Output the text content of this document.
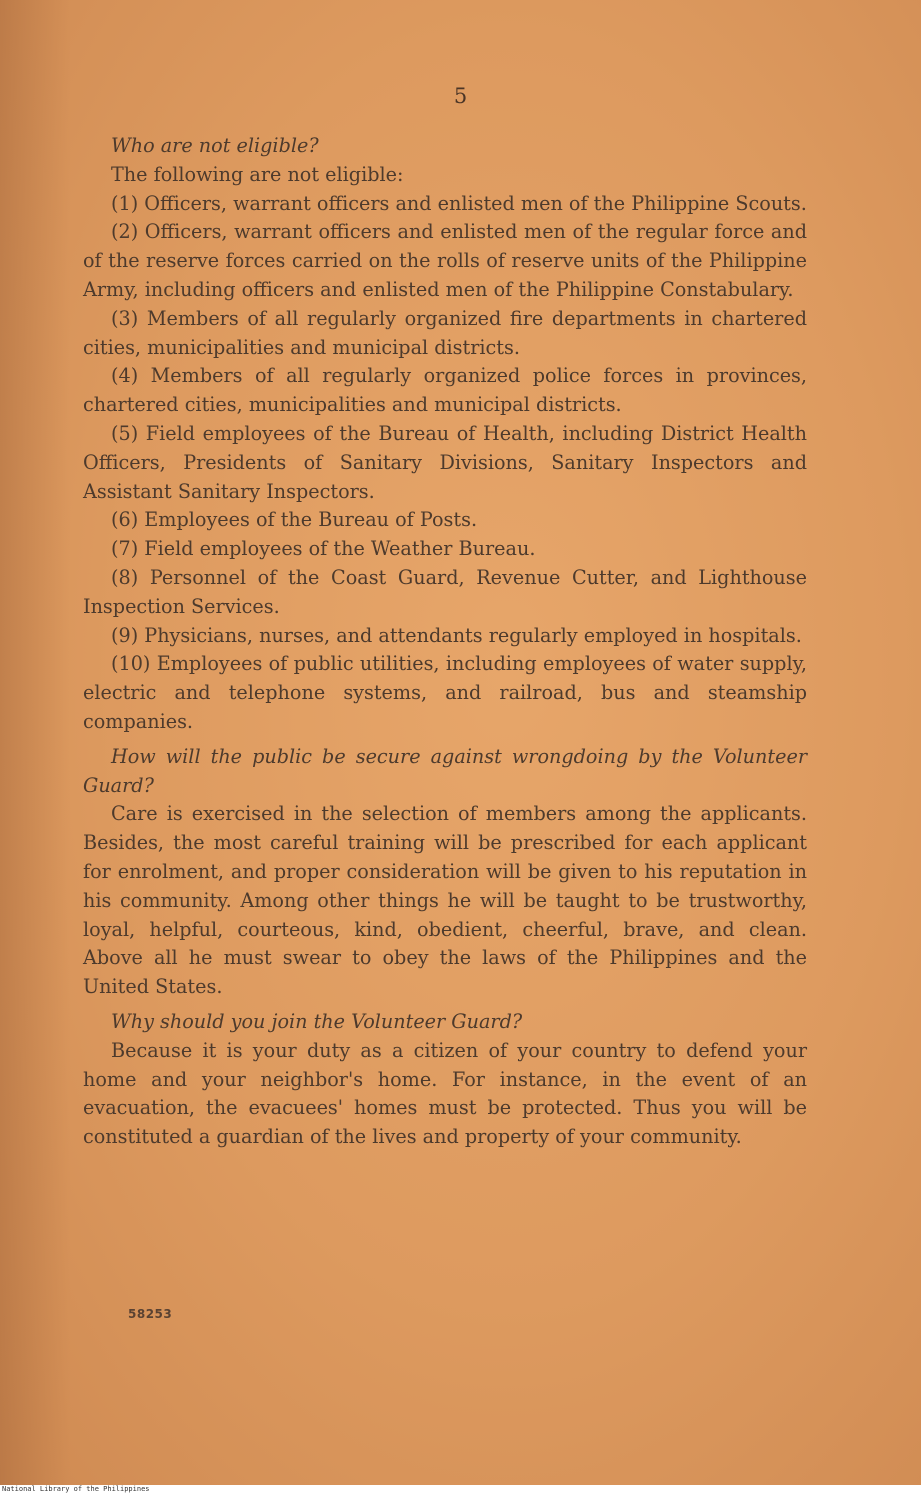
5

Who are not eligible?

The following are not eligible:

(1) Officers, warrant officers and enlisted men of the Philippine Scouts.

(2) Officers, warrant officers and enlisted men of the regular force and of the reserve forces carried on the rolls of reserve units of the Philippine Army, including officers and enlisted men of the Philippine Constabulary.

(3) Members of all regularly organized fire departments in chartered cities, municipalities and municipal districts.

(4) Members of all regularly organized police forces in provinces, chartered cities, municipalities and municipal districts.

(5) Field employees of the Bureau of Health, including District Health Officers, Presidents of Sanitary Divisions, Sanitary Inspectors and Assistant Sanitary Inspectors.

(6) Employees of the Bureau of Posts.

(7) Field employees of the Weather Bureau.

(8) Personnel of the Coast Guard, Revenue Cutter, and Lighthouse Inspection Services.

(9) Physicians, nurses, and attendants regularly employed in hospitals.

(10) Employees of public utilities, including employees of water supply, electric and telephone systems, and railroad, bus and steamship companies.

How will the public be secure against wrongdoing by the Volunteer Guard?

Care is exercised in the selection of members among the applicants. Besides, the most careful training will be prescribed for each applicant for enrolment, and proper consideration will be given to his reputation in his community. Among other things he will be taught to be trustworthy, loyal, helpful, courteous, kind, obedient, cheerful, brave, and clean. Above all he must swear to obey the laws of the Philippines and the United States.

Why should you join the Volunteer Guard?

Because it is your duty as a citizen of your country to defend your home and your neighbor's home. For instance, in the event of an evacuation, the evacuees' homes must be protected. Thus you will be constituted a guardian of the lives and property of your community.

58253
National Library of the Philippines
